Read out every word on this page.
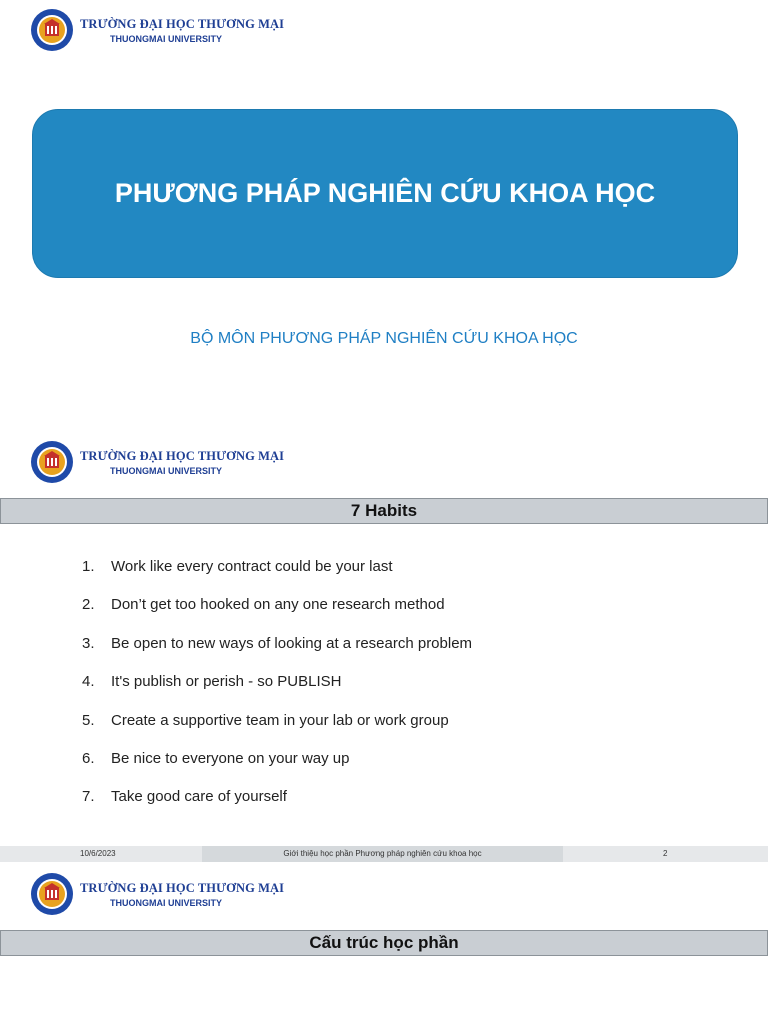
TRƯỜNG ĐẠI HỌC THƯƠNG MẠI
THUONGMAI UNIVERSITY
PHƯƠNG PHÁP NGHIÊN CỨU KHOA HỌC
BỘ MÔN PHƯƠNG PHÁP NGHIÊN CỨU KHOA HỌC
TRƯỜNG ĐẠI HỌC THƯƠNG MẠI
THUONGMAI UNIVERSITY
7 Habits
1.	Work like every contract could be your last
2.	Don’t get too hooked on any one research method
3.	Be open to new ways of looking at a research problem
4.	It's publish or perish - so PUBLISH
5.	Create a supportive team in your lab or work group
6.	Be nice to everyone on your way up
7.	Take good care of yourself
10/6/2023	Giới thiệu học phần Phương pháp nghiên cứu khoa học	2
TRƯỜNG ĐẠI HỌC THƯƠNG MẠI
THUONGMAI UNIVERSITY
Cấu trúc học phần
